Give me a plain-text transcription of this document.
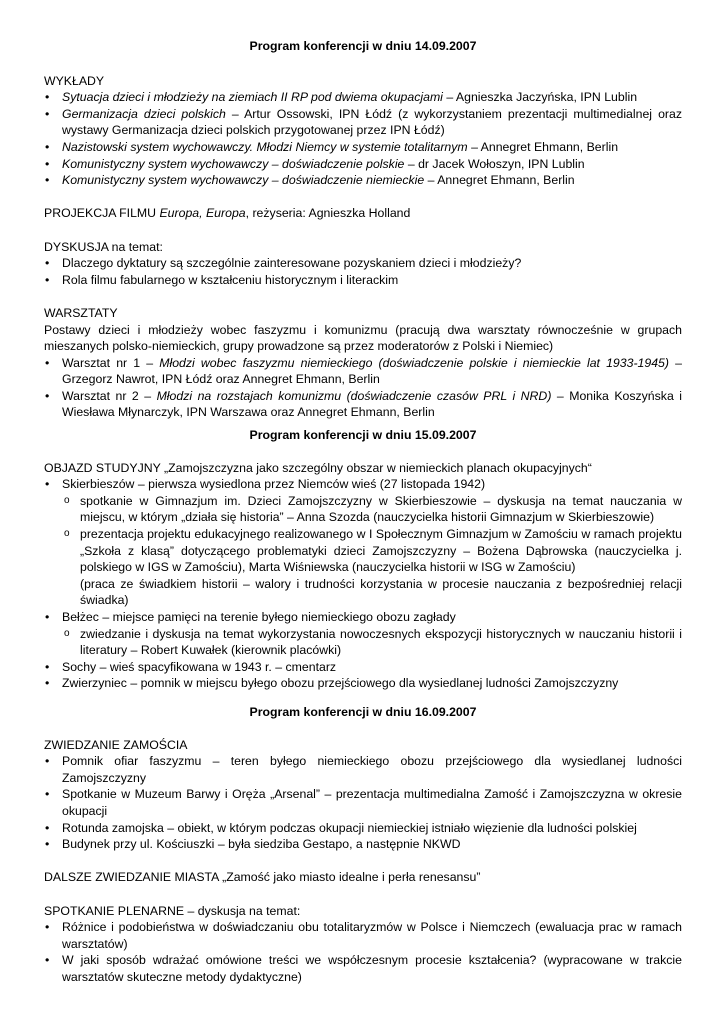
Program konferencji w dniu 14.09.2007

WYKŁADY

• Sytuacja dzieci i młodzieży na ziemiach II RP pod dwiema okupacjami – Agnieszka Jaczyńska, IPN Lublin
• Germanizacja dzieci polskich – Artur Ossowski, IPN Łódź (z wykorzystaniem prezentacji multimedialnej oraz wystawy Germanizacja dzieci polskich przygotowanej przez IPN Łódź)
• Nazistowski system wychowawczy. Młodzi Niemcy w systemie totalitarnym – Annegret Ehmann, Berlin
• Komunistyczny system wychowawczy – doświadczenie polskie – dr Jacek Wołoszyn, IPN Lublin
• Komunistyczny system wychowawczy – doświadczenie niemieckie – Annegret Ehmann, Berlin

PROJEKCJA FILMU Europa, Europa, reżyseria: Agnieszka Holland

DYSKUSJA na temat:

• Dlaczego dyktatury są szczególnie zainteresowane pozyskaniem dzieci i młodzieży?
• Rola filmu fabularnego w kształceniu historycznym i literackim

WARSZTATY

Postawy dzieci i młodzieży wobec faszyzmu i komunizmu (pracują dwa warsztaty równocześnie w grupach mieszanych polsko-niemieckich, grupy prowadzone są przez moderatorów z Polski i Niemiec)

• Warsztat nr 1 – Młodzi wobec faszyzmu niemieckiego (doświadczenie polskie i niemieckie lat 1933-1945) – Grzegorz Nawrot, IPN Łódź oraz Annegret Ehmann, Berlin
• Warsztat nr 2 – Młodzi na rozstajach komunizmu (doświadczenie czasów PRL i NRD) – Monika Koszyńska i Wiesława Młynarczyk, IPN Warszawa oraz Annegret Ehmann, Berlin

Program konferencji w dniu 15.09.2007

OBJAZD STUDYJNY „Zamojszczyzna jako szczególny obszar w niemieckich planach okupacyjnych“

• Skierbieszów – pierwsza wysiedlona przez Niemców wieś (27 listopada 1942)
o spotkanie w Gimnazjum im. Dzieci Zamojszczyzny w Skierbieszowie – dyskusja na temat nauczania w miejscu, w którym „działa się historia” – Anna Szozda (nauczycielka historii Gimnazjum w Skierbieszowie)
o prezentacja projektu edukacyjnego realizowanego w I Społecznym Gimnazjum w Zamościu w ramach projektu „Szkoła z klasą” dotyczącego problematyki dzieci Zamojszczyzny – Bożena Dąbrowska (nauczycielka j. polskiego w IGS w Zamościu), Marta Wiśniewska (nauczycielka historii w ISG w Zamościu)
(praca ze świadkiem historii – walory i trudności korzystania w procesie nauczania z bezpośredniej relacji świadka)
• Bełżec – miejsce pamięci na terenie byłego niemieckiego obozu zagłady
o zwiedzanie i dyskusja na temat wykorzystania nowoczesnych ekspozycji historycznych w nauczaniu historii i literatury – Robert Kuwałek (kierownik placówki)
• Sochy – wieś spacyfikowana w 1943 r. – cmentarz
• Zwierzyniec – pomnik w miejscu byłego obozu przejściowego dla wysiedlanej ludności Zamojszczyzny

Program konferencji w dniu 16.09.2007

ZWIEDZANIE ZAMOŚCIA

• Pomnik ofiar faszyzmu – teren byłego niemieckiego obozu przejściowego dla wysiedlanej ludności Zamojszczyzny
• Spotkanie w Muzeum Barwy i Oręża „Arsenal” – prezentacja multimedialna Zamość i Zamojszczyzna w okresie okupacji
• Rotunda zamojska – obiekt, w którym podczas okupacji niemieckiej istniało więzienie dla ludności polskiej
• Budynek przy ul. Kościuszki – była siedziba Gestapo, a następnie NKWD

DALSZE ZWIEDZANIE MIASTA „Zamość jako miasto idealne i perła renesansu”

SPOTKANIE PLENARNE – dyskusja na temat:

• Różnice i podobieństwa w doświadczaniu obu totalitaryzmów w Polsce i Niemczech (ewaluacja prac w ramach warsztatów)
• W jaki sposób wdrażać omówione treści we współczesnym procesie kształcenia? (wypracowane w trakcie warsztatów skuteczne metody dydaktyczne)
